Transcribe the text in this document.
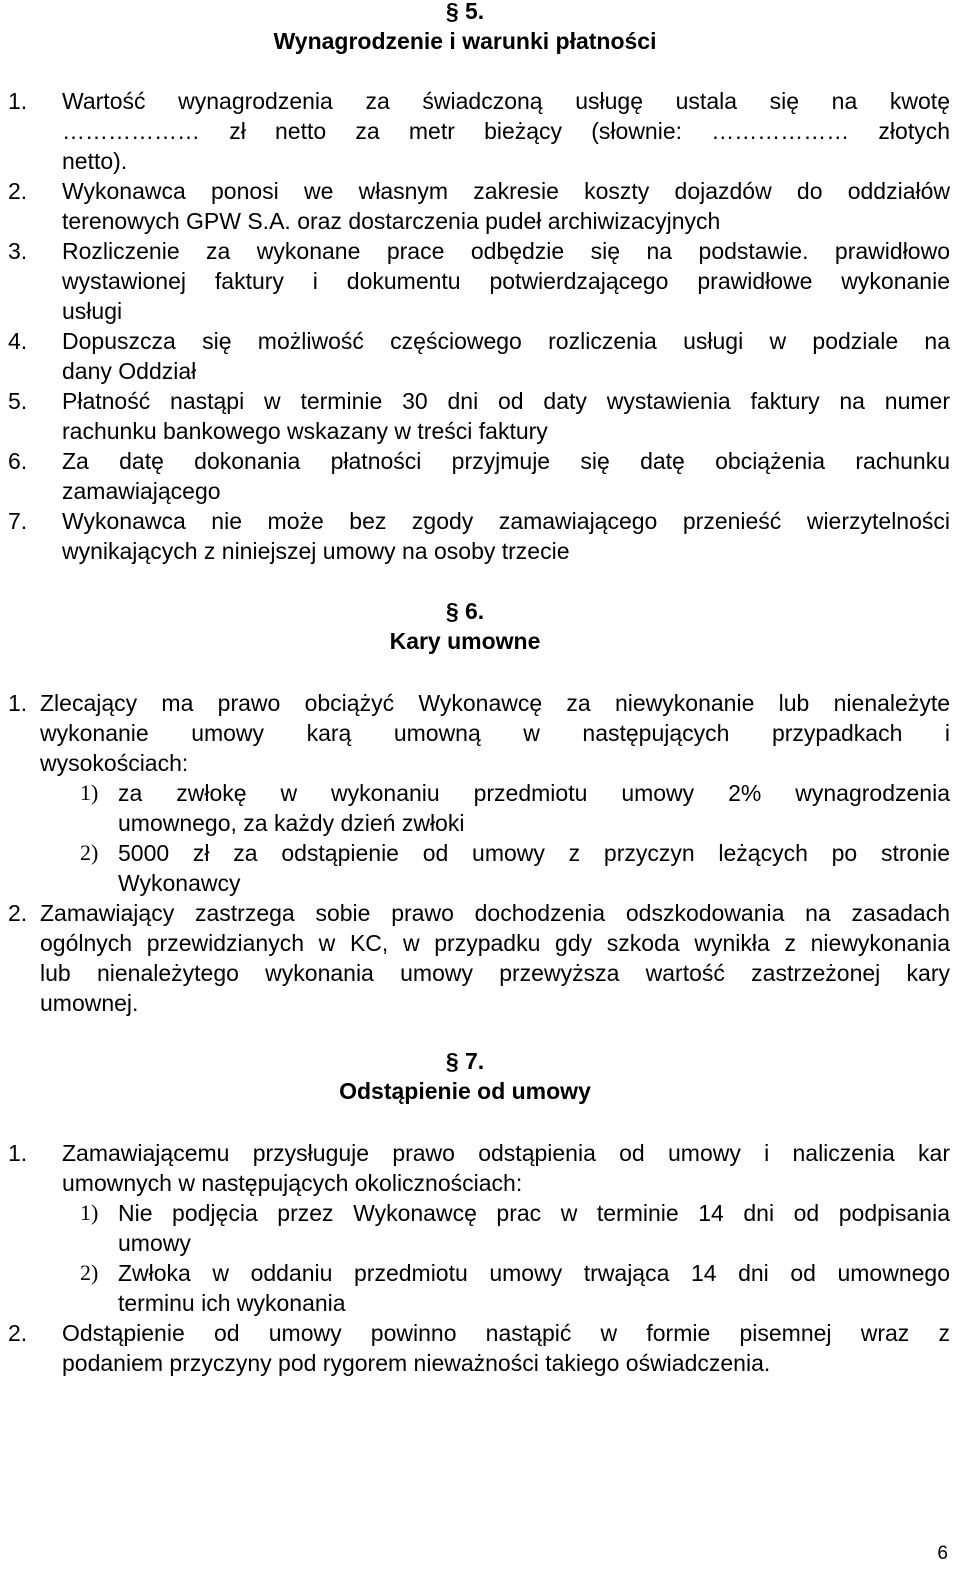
§ 5.
Wynagrodzenie i warunki płatności
§ 6.
Kary umowne
§ 7.
Odstąpienie od umowy
6
1. Wartość wynagrodzenia za świadczoną usługę ustala się na kwotę
……………… zł netto za metr bieżący (słownie: ……………… złotych
netto).
2. Wykonawca ponosi we własnym zakresie koszty dojazdów do oddziałów
terenowych GPW S.A. oraz dostarczenia pudeł archiwizacyjnych
3. Rozliczenie za wykonane prace odbędzie się na podstawie. prawidłowo
wystawionej faktury i dokumentu potwierdzającego prawidłowe wykonanie
usługi
4. Dopuszcza się możliwość częściowego rozliczenia usługi w podziale na
dany Oddział
5. Płatność nastąpi w terminie 30 dni od daty wystawienia faktury na numer
rachunku bankowego wskazany w treści faktury
6. Za datę dokonania płatności przyjmuje się datę obciążenia rachunku
zamawiającego
7. Wykonawca nie może bez zgody zamawiającego przenieść wierzytelności
wynikających z niniejszej umowy na osoby trzecie
1. Zlecający ma prawo obciążyć Wykonawcę za niewykonanie lub nienależyte
wykonanie umowy karą umowną w następujących przypadkach i
wysokościach:
1) za zwłokę w wykonaniu przedmiotu umowy 2% wynagrodzenia
umownego, za każdy dzień zwłoki
2) 5000 zł za odstąpienie od umowy z przyczyn leżących po stronie
Wykonawcy
2. Zamawiający zastrzega sobie prawo dochodzenia odszkodowania na zasadach
ogólnych przewidzianych w KC, w przypadku gdy szkoda wynikła z niewykonania
lub nienależytego wykonania umowy przewyższa wartość zastrzeżonej kary
umownej.
1. Zamawiającemu przysługuje prawo odstąpienia od umowy i naliczenia kar
umownych w następujących okolicznościach:
1) Nie podjęcia przez Wykonawcę prac w terminie 14 dni od podpisania
umowy
2) Zwłoka w oddaniu przedmiotu umowy trwająca 14 dni od umownego
terminu ich wykonania
2. Odstąpienie od umowy powinno nastąpić w formie pisemnej wraz z
podaniem przyczyny pod rygorem nieważności takiego oświadczenia.
